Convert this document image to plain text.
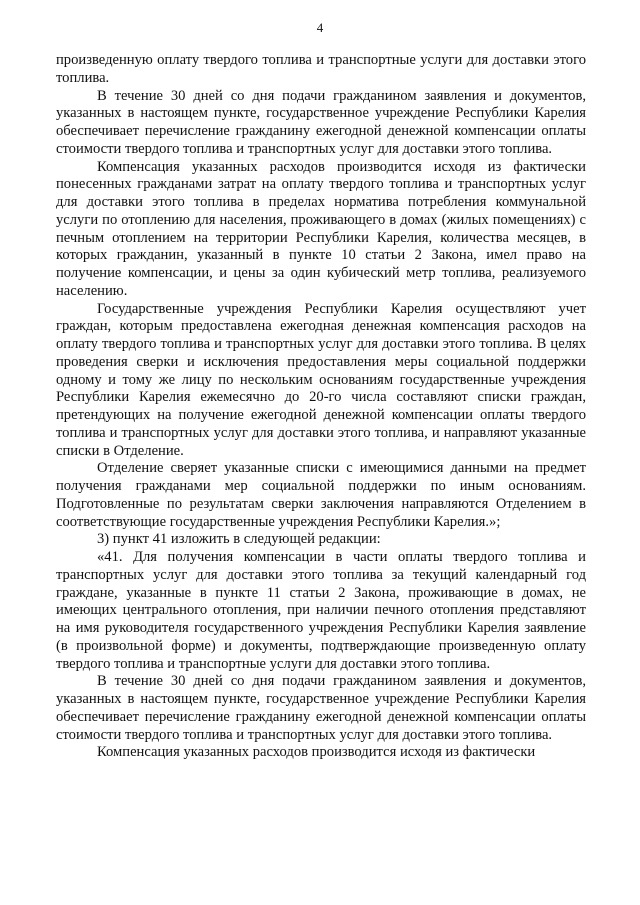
4

произведенную оплату твердого топлива и транспортные услуги для доставки этого топлива.

В течение 30 дней со дня подачи гражданином заявления и документов, указанных в настоящем пункте, государственное учреждение Республики Карелия обеспечивает перечисление гражданину ежегодной денежной компенсации оплаты стоимости твердого топлива и транспортных услуг для доставки этого топлива.

Компенсация указанных расходов производится исходя из фактически понесенных гражданами затрат на оплату твердого топлива и транспортных услуг для доставки этого топлива в пределах норматива потребления коммунальной услуги по отоплению для населения, проживающего в домах (жилых помещениях) с печным отоплением на территории Республики Карелия, количества месяцев, в которых гражданин, указанный в пункте 10 статьи 2 Закона, имел право на получение компенсации, и цены за один кубический метр топлива, реализуемого населению.

Государственные учреждения Республики Карелия осуществляют учет граждан, которым предоставлена ежегодная денежная компенсация расходов на оплату твердого топлива и транспортных услуг для доставки этого топлива. В целях проведения сверки и исключения предоставления меры социальной поддержки одному и тому же лицу по нескольким основаниям государственные учреждения Республики Карелия ежемесячно до 20-го числа составляют списки граждан, претендующих на получение ежегодной денежной компенсации оплаты твердого топлива и транспортных услуг для доставки этого топлива, и направляют указанные списки в Отделение.

Отделение сверяет указанные списки с имеющимися данными на предмет получения гражданами мер социальной поддержки по иным основаниям. Подготовленные по результатам сверки заключения направляются Отделением в соответствующие государственные учреждения Республики Карелия.»;

3) пункт 41 изложить в следующей редакции:

«41. Для получения компенсации в части оплаты твердого топлива и транспортных услуг для доставки этого топлива за текущий календарный год граждане, указанные в пункте 11 статьи 2 Закона, проживающие в домах, не имеющих центрального отопления, при наличии печного отопления представляют на имя руководителя государственного учреждения Республики Карелия заявление (в произвольной форме) и документы, подтверждающие произведенную оплату твердого топлива и транспортные услуги для доставки этого топлива.

В течение 30 дней со дня подачи гражданином заявления и документов, указанных в настоящем пункте, государственное учреждение Республики Карелия обеспечивает перечисление гражданину ежегодной денежной компенсации оплаты стоимости твердого топлива и транспортных услуг для доставки этого топлива.

Компенсация указанных расходов производится исходя из фактически
